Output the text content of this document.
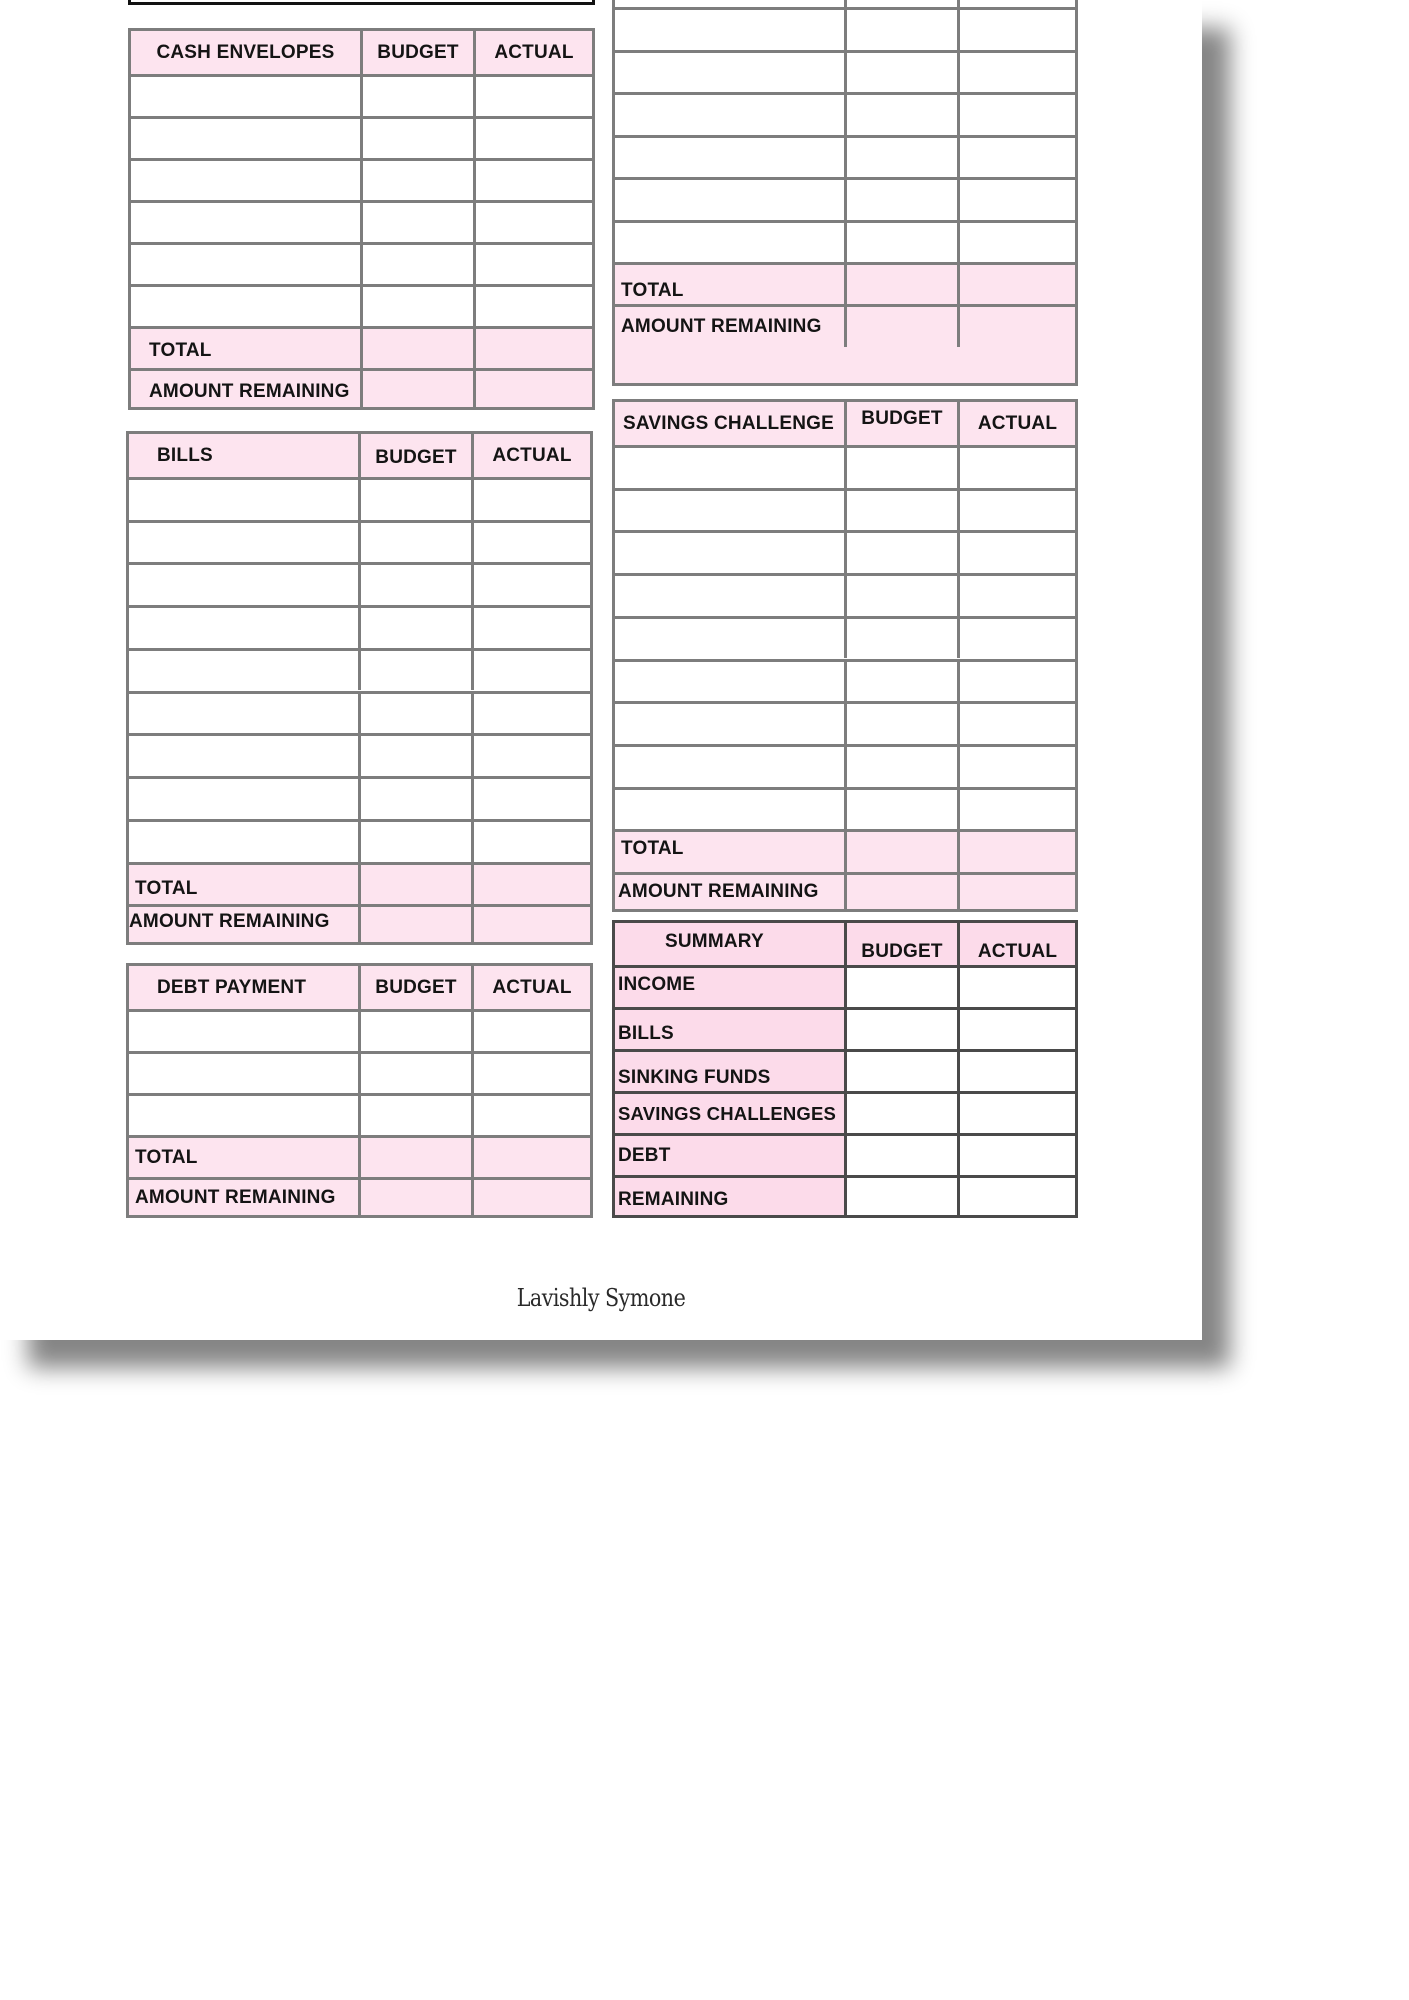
CASH ENVELOPES	BUDGET	ACTUAL
TOTAL
AMOUNT REMAINING
BILLS	BUDGET	ACTUAL
TOTAL
AMOUNT REMAINING
DEBT PAYMENT	BUDGET	ACTUAL
TOTAL
AMOUNT REMAINING
TOTAL
AMOUNT REMAINING
SAVINGS CHALLENGE	BUDGET	ACTUAL
TOTAL
AMOUNT REMAINING
SUMMARY	BUDGET	ACTUAL
INCOME
BILLS
SINKING FUNDS
SAVINGS CHALLENGES
DEBT
REMAINING
Lavishly Symone
